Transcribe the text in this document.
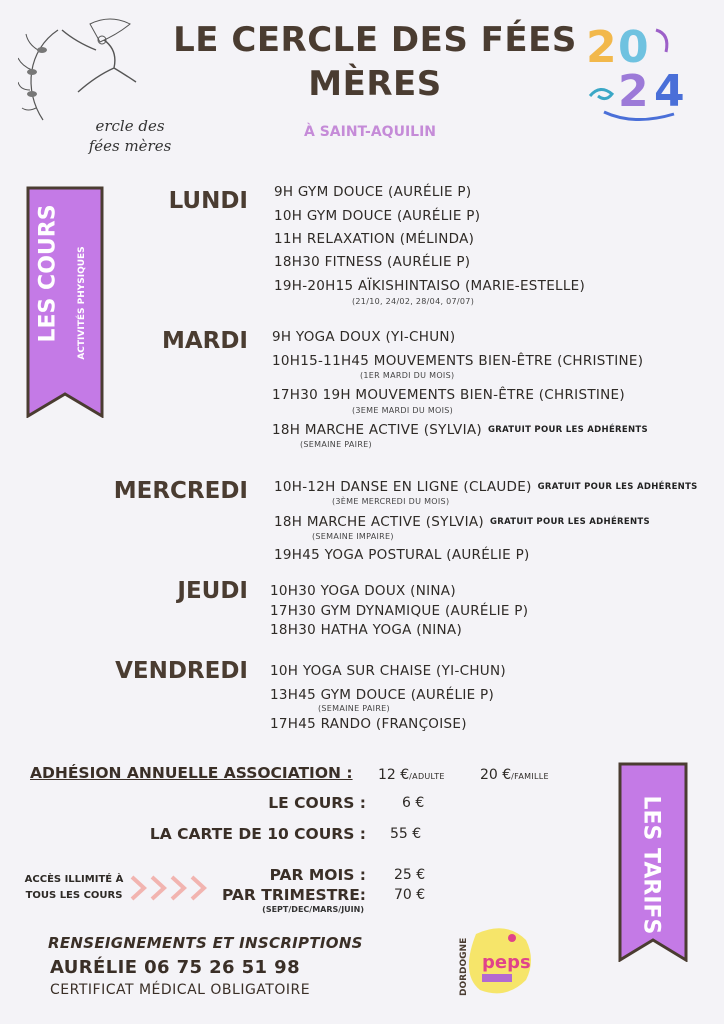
ercle des
fées mères
LE CERCLE DES FÉES
MÈRES
À SAINT-AQUILIN
2 0
2 4
LES COURS ACTIVITÉS PHYSIQUES
LUNDI 9H GYM DOUCE (AURÉLIE P)
10H GYM DOUCE (AURÉLIE P)
11H RELAXATION (MÉLINDA)
18H30 FITNESS (AURÉLIE P)
19H-20H15 AÏKISHINTAISO (MARIE-ESTELLE)
(21/10, 24/02, 28/04, 07/07)
MARDI 9H YOGA DOUX (YI-CHUN)
10H15-11H45 MOUVEMENTS BIEN-ÊTRE (CHRISTINE)
(1ER MARDI DU MOIS)
17H30 19H MOUVEMENTS BIEN-ÊTRE (CHRISTINE)
(3EME MARDI DU MOIS)
18H MARCHE ACTIVE (SYLVIA) GRATUIT POUR LES ADHÉRENTS
(SEMAINE PAIRE)
MERCREDI 10H-12H DANSE EN LIGNE (CLAUDE) GRATUIT POUR LES ADHÉRENTS
(3ÈME MERCREDI DU MOIS)
18H MARCHE ACTIVE (SYLVIA) GRATUIT POUR LES ADHÉRENTS
(SEMAINE IMPAIRE)
19H45 YOGA POSTURAL (AURÉLIE P)
JEUDI 10H30 YOGA DOUX (NINA)
17H30 GYM DYNAMIQUE (AURÉLIE P)
18H30 HATHA YOGA (NINA)
VENDREDI 10H YOGA SUR CHAISE (YI-CHUN)
13H45 GYM DOUCE (AURÉLIE P)
(SEMAINE PAIRE)
17H45 RANDO (FRANÇOISE)
ADHÉSION ANNUELLE ASSOCIATION : 12 €/ADULTE	20 €/FAMILLE
LE COURS :	6 €
LA CARTE DE 10 COURS : 55 €
ACCÈS ILLIMITÉ À
TOUS LES COURS
PAR MOIS : 25 €
PAR TRIMESTRE: 70 €
(SEPT/DEC/MARS/JUIN)	LES TARIFS
RENSEIGNEMENTS ET INSCRIPTIONS
AURÉLIE 06 75 26 51 98
CERTIFICAT MÉDICAL OBLIGATOIRE
peps
DORDOGNE
